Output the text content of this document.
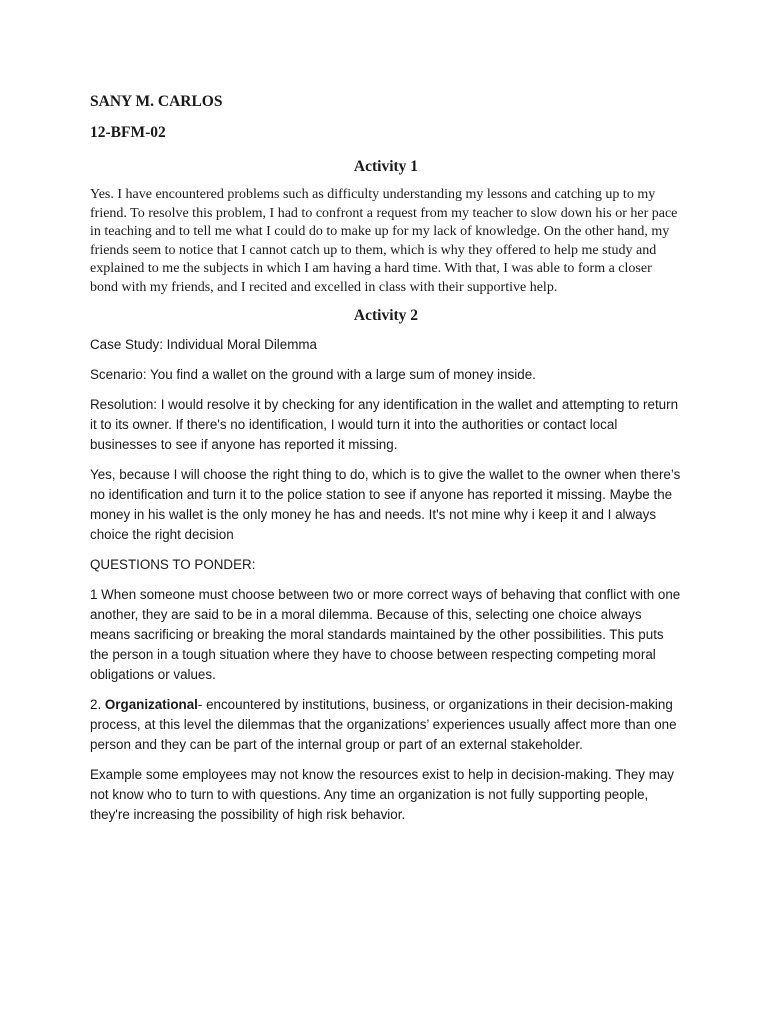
SANY M. CARLOS
12-BFM-02
Activity 1

Yes. I have encountered problems such as difficulty understanding my lessons and catching up to my friend. To resolve this problem, I had to confront a request from my teacher to slow down his or her pace in teaching and to tell me what I could do to make up for my lack of knowledge. On the other hand, my friends seem to notice that I cannot catch up to them, which is why they offered to help me study and explained to me the subjects in which I am having a hard time. With that, I was able to form a closer bond with my friends, and I recited and excelled in class with their supportive help.

Activity 2

Case Study: Individual Moral Dilemma

Scenario: You find a wallet on the ground with a large sum of money inside.

Resolution: I would resolve it by checking for any identification in the wallet and attempting to return it to its owner. If there's no identification, I would turn it into the authorities or contact local businesses to see if anyone has reported it missing.

Yes, because I will choose the right thing to do, which is to give the wallet to the owner when there’s no identification and turn it to the police station to see if anyone has reported it missing. Maybe the money in his wallet is the only money he has and needs. It's not mine why i keep it and I always choice the right decision

QUESTIONS TO PONDER:

1 When someone must choose between two or more correct ways of behaving that conflict with one another, they are said to be in a moral dilemma. Because of this, selecting one choice always means sacrificing or breaking the moral standards maintained by the other possibilities. This puts the person in a tough situation where they have to choose between respecting competing moral obligations or values.

2. Organizational- encountered by institutions, business, or organizations in their decision-making process, at this level the dilemmas that the organizations’ experiences usually affect more than one person and they can be part of the internal group or part of an external stakeholder.

Example some employees may not know the resources exist to help in decision-making. They may not know who to turn to with questions. Any time an organization is not fully supporting people, they're increasing the possibility of high risk behavior.
